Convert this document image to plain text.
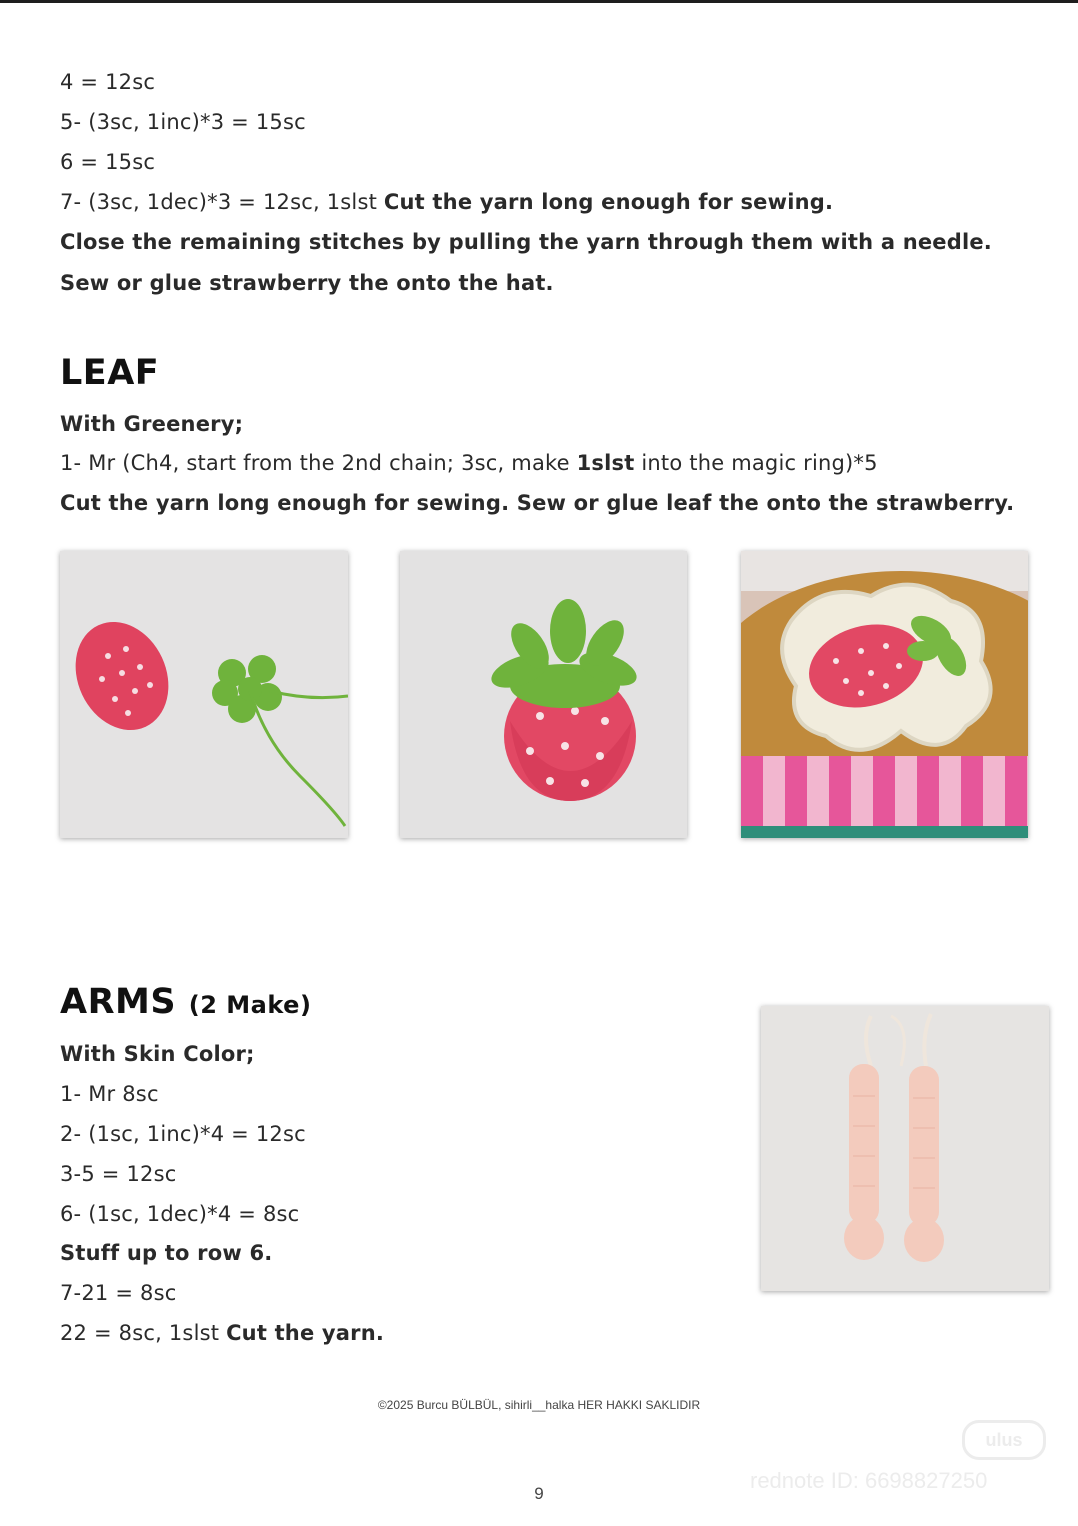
4 = 12sc
5- (3sc, 1inc)*3 = 15sc
6 = 15sc
7- (3sc, 1dec)*3 = 12sc, 1slst Cut the yarn long enough for sewing.
Close the remaining stitches by pulling the yarn through them with a needle.
Sew or glue strawberry the onto the hat.
LEAF
With Greenery;
1- Mr (Ch4, start from the 2nd chain; 3sc, make 1slst into the magic ring)*5
Cut the yarn long enough for sewing. Sew or glue leaf the onto the strawberry.
ARMS (2 Make)
With Skin Color;
1- Mr 8sc
2- (1sc, 1inc)*4 = 12sc
3-5 = 12sc
6- (1sc, 1dec)*4 = 8sc
Stuff up to row 6.
7-21 = 8sc
22 = 8sc, 1slst Cut the yarn.
©2025 Burcu BÜLBÜL, sihirli__halka HER HAKKI SAKLIDIR
9
ulus
rednote ID: 6698827250
